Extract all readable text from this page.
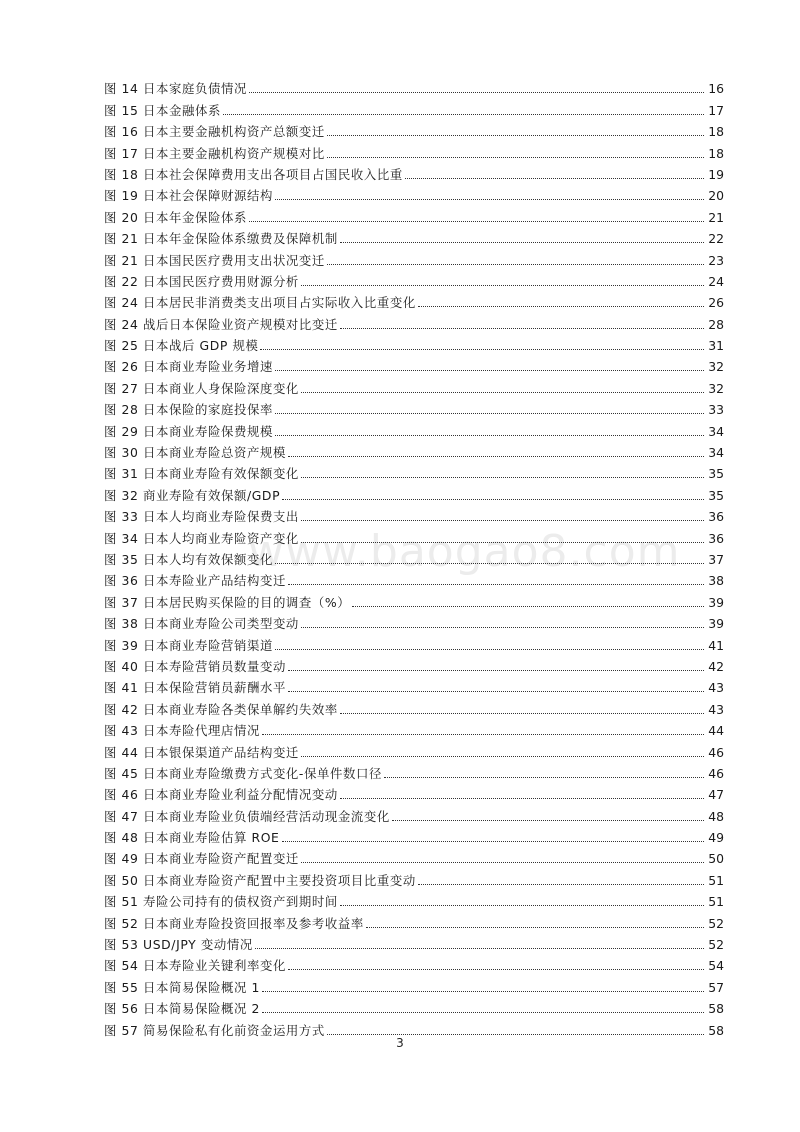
www.baogao8.com
图 14 日本家庭负债情况	16
图 15 日本金融体系	17
图 16 日本主要金融机构资产总额变迁	18
图 17 日本主要金融机构资产规模对比	18
图 18 日本社会保障费用支出各项目占国民收入比重	19
图 19 日本社会保障财源结构	20
图 20 日本年金保险体系	21
图 21 日本年金保险体系缴费及保障机制	22
图 21 日本国民医疗费用支出状况变迁	23
图 22 日本国民医疗费用财源分析	24
图 24 日本居民非消费类支出项目占实际收入比重变化	26
图 24 战后日本保险业资产规模对比变迁	28
图 25 日本战后 GDP 规模	31
图 26 日本商业寿险业务增速	32
图 27 日本商业人身保险深度变化	32
图 28 日本保险的家庭投保率	33
图 29 日本商业寿险保费规模	34
图 30 日本商业寿险总资产规模	34
图 31 日本商业寿险有效保额变化	35
图 32 商业寿险有效保额/GDP	35
图 33 日本人均商业寿险保费支出	36
图 34 日本人均商业寿险资产变化	36
图 35 日本人均有效保额变化	37
图 36 日本寿险业产品结构变迁	38
图 37 日本居民购买保险的目的调查（%）	39
图 38 日本商业寿险公司类型变动	39
图 39 日本商业寿险营销渠道	41
图 40 日本寿险营销员数量变动	42
图 41 日本保险营销员薪酬水平	43
图 42 日本商业寿险各类保单解约失效率	43
图 43 日本寿险代理店情况	44
图 44 日本银保渠道产品结构变迁	46
图 45 日本商业寿险缴费方式变化-保单件数口径	46
图 46 日本商业寿险业利益分配情况变动	47
图 47 日本商业寿险业负债端经营活动现金流变化	48
图 48 日本商业寿险估算 ROE	49
图 49 日本商业寿险资产配置变迁	50
图 50 日本商业寿险资产配置中主要投资项目比重变动	51
图 51 寿险公司持有的债权资产到期时间	51
图 52 日本商业寿险投资回报率及参考收益率	52
图 53 USD/JPY 变动情况	52
图 54 日本寿险业关键利率变化	54
图 55 日本简易保险概况 1	57
图 56 日本简易保险概况 2	58
图 57 简易保险私有化前资金运用方式	58
3
